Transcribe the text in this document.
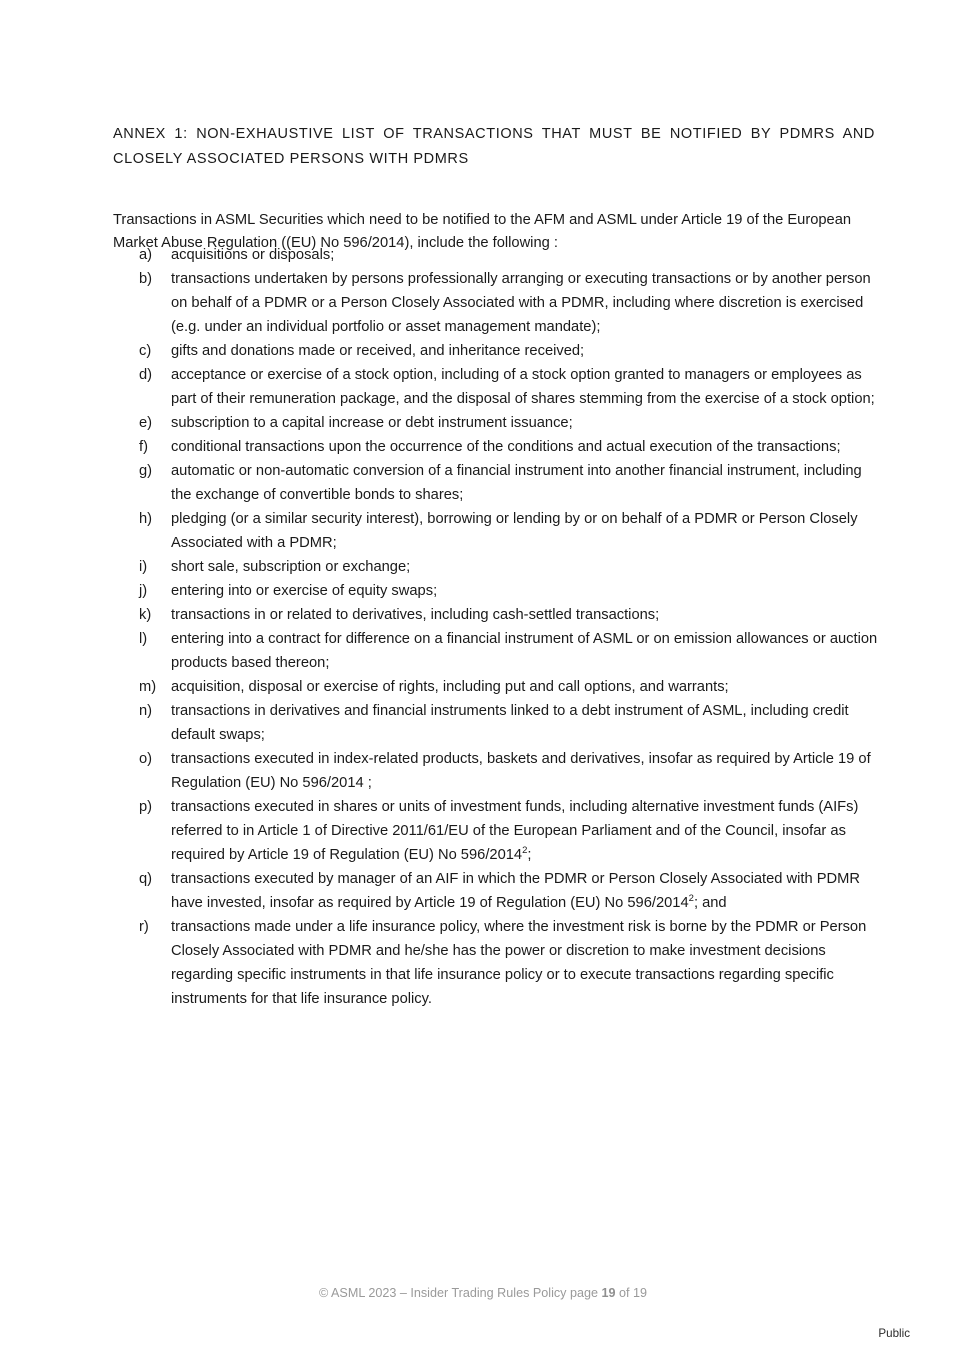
ANNEX 1: NON-EXHAUSTIVE LIST OF TRANSACTIONS THAT MUST BE NOTIFIED BY PDMRS AND CLOSELY ASSOCIATED PERSONS WITH PDMRS
Transactions in ASML Securities which need to be notified to the AFM and ASML under Article 19 of the European Market Abuse Regulation ((EU) No 596/2014), include the following :
a)	acquisitions or disposals;
b)	transactions undertaken by persons professionally arranging or executing transactions or by another person on behalf of a PDMR or a Person Closely Associated with a PDMR, including where discretion is exercised (e.g. under an individual portfolio or asset management mandate);
c)	gifts and donations made or received, and inheritance received;
d)	acceptance or exercise of a stock option, including of a stock option granted to managers or employees as part of their remuneration package, and the disposal of shares stemming from the exercise of a stock option;
e)	subscription to a capital increase or debt instrument issuance;
f)	conditional transactions upon the occurrence of the conditions and actual execution of the transactions;
g)	automatic or non-automatic conversion of a financial instrument into another financial instrument, including the exchange of convertible bonds to shares;
h)	pledging (or a similar security interest), borrowing or lending by or on behalf of a PDMR or Person Closely Associated with a PDMR;
i)	short sale, subscription or exchange;
j)	entering into or exercise of equity swaps;
k)	transactions in or related to derivatives, including cash-settled transactions;
l)	entering into a contract for difference on a financial instrument of ASML or on emission allowances or auction products based thereon;
m)	acquisition, disposal or exercise of rights, including put and call options, and warrants;
n)	transactions in derivatives and financial instruments linked to a debt instrument of ASML, including credit default swaps;
o)	transactions executed in index-related products, baskets and derivatives, insofar as required by Article 19 of Regulation (EU) No 596/2014 ;
p)	transactions executed in shares or units of investment funds, including alternative investment funds (AIFs) referred to in Article 1 of Directive 2011/61/EU of the European Parliament and of the Council, insofar as required by Article 19 of Regulation (EU) No 596/2014$^2$;
q)	transactions executed by manager of an AIF in which the PDMR or Person Closely Associated with PDMR have invested, insofar as required by Article 19 of Regulation (EU) No 596/2014$^2$; and
r)	transactions made under a life insurance policy, where the investment risk is borne by the PDMR or Person Closely Associated with PDMR and he/she has the power or discretion to make investment decisions regarding specific instruments in that life insurance policy or to execute transactions regarding specific instruments for that life insurance policy.
© ASML 2023 – Insider Trading Rules Policy page 19 of 19
Public
